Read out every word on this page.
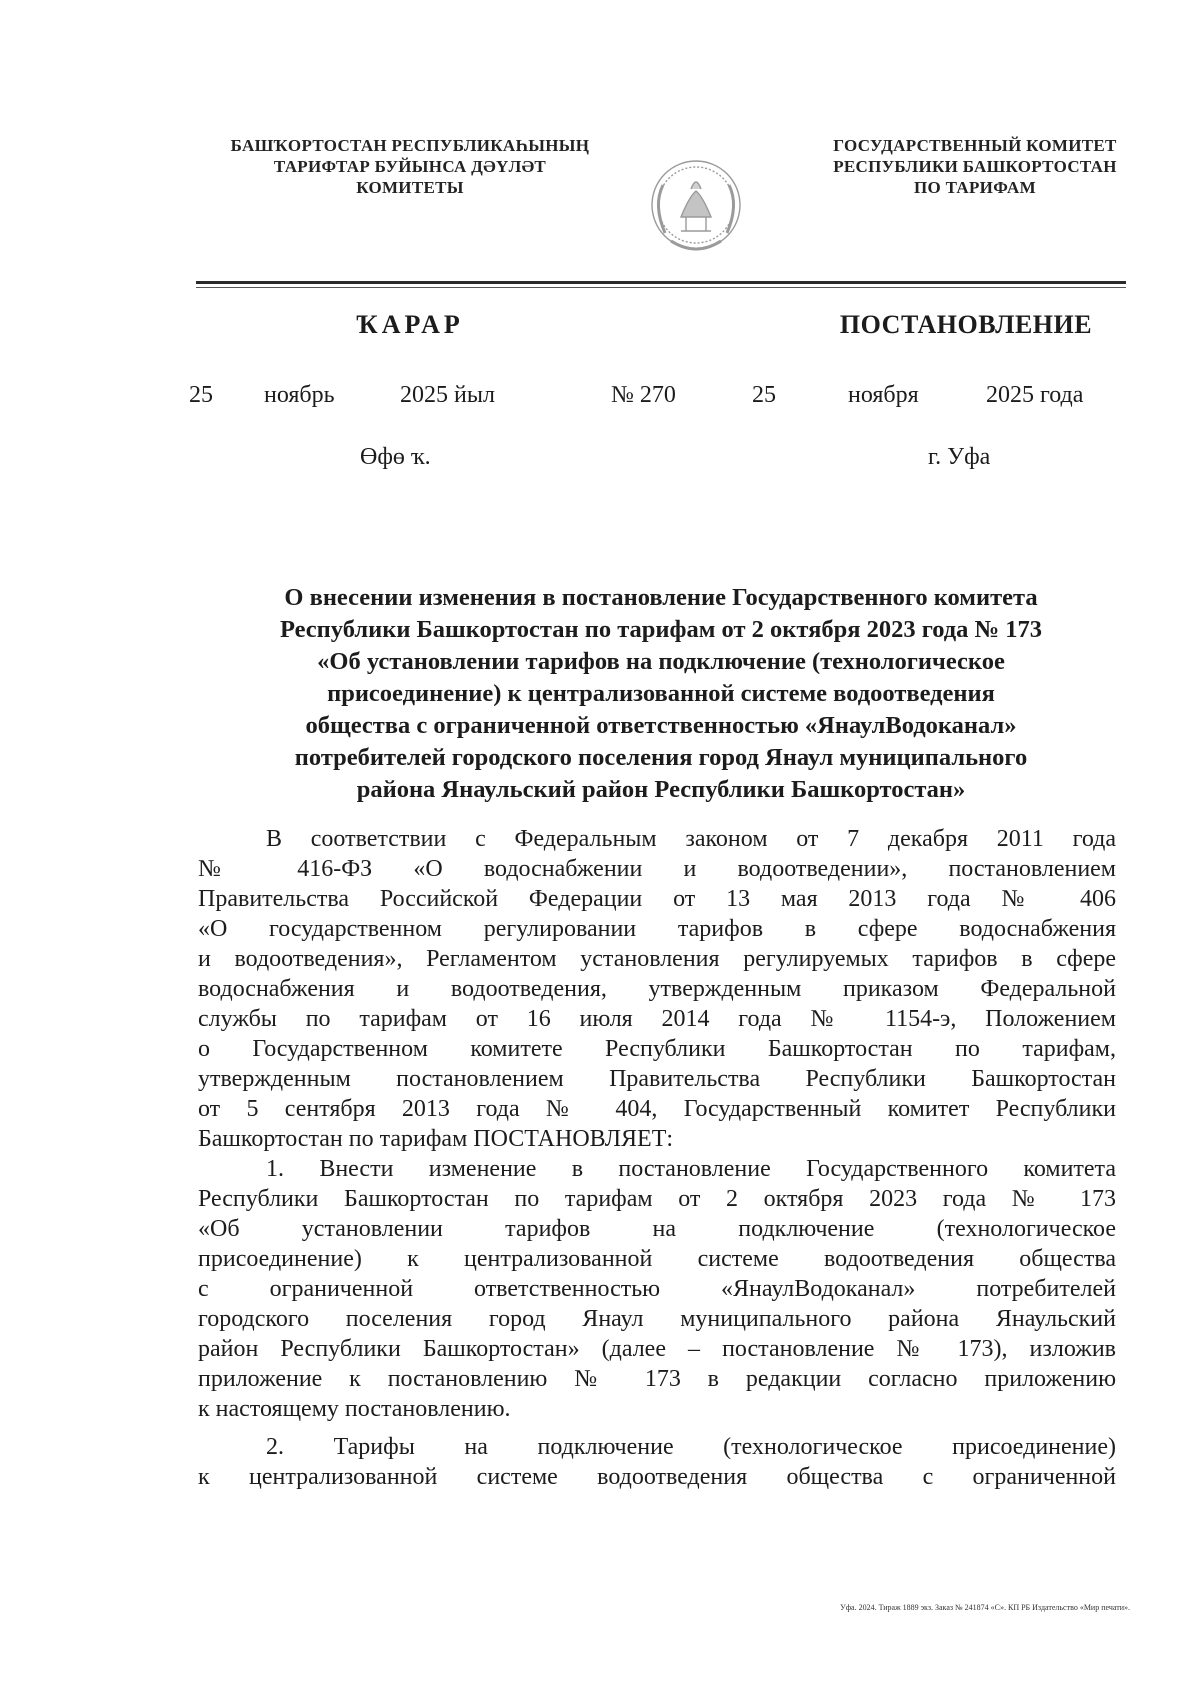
БАШҠОРТОСТАН РЕСПУБЛИКАҺЫНЫҢ
ТАРИФТАР БУЙЫНСА ДӘҮЛӘТ
КОМИТЕТЫ
ГОСУДАРСТВЕННЫЙ КОМИТЕТ
РЕСПУБЛИКИ БАШКОРТОСТАН
ПО ТАРИФАМ
ҠАРАР	ПОСТАНОВЛЕНИЕ
25 ноябрь	2025 йыл	№ 270	25	ноября	2025 года
Өфө ҡ.	г. Уфа
О внесении изменения в постановление Государственного комитета
Республики Башкортостан по тарифам от 2 октября 2023 года № 173
«Об установлении тарифов на подключение (технологическое
присоединение) к централизованной системе водоотведения
общества с ограниченной ответственностью «ЯнаулВодоканал»
потребителей городского поселения город Янаул муниципального
района Янаульский район Республики Башкортостан»

В соответствии с Федеральным законом от 7 декабря 2011 года
№ 416-ФЗ «О водоснабжении и водоотведении», постановлением
Правительства Российской Федерации от 13 мая 2013 года № 406
«О государственном регулировании тарифов в сфере водоснабжения
и водоотведения», Регламентом установления регулируемых тарифов в сфере
водоснабжения и водоотведения, утвержденным приказом Федеральной
службы по тарифам от 16 июля 2014 года № 1154-э, Положением
о Государственном комитете Республики Башкортостан по тарифам,
утвержденным постановлением Правительства Республики Башкортостан
от 5 сентября 2013 года № 404, Государственный комитет Республики
Башкортостан по тарифам ПОСТАНОВЛЯЕТ:

1. Внести изменение в постановление Государственного комитета
Республики Башкортостан по тарифам от 2 октября 2023 года № 173
«Об установлении тарифов на подключение (технологическое
присоединение) к централизованной системе водоотведения общества
с ограниченной ответственностью «ЯнаулВодоканал» потребителей
городского поселения город Янаул муниципального района Янаульский
район Республики Башкортостан» (далее – постановление № 173), изложив
приложение к постановлению № 173 в редакции согласно приложению
к настоящему постановлению.

2. Тарифы на подключение (технологическое присоединение)
к централизованной системе водоотведения общества с ограниченной

Уфа. 2024. Тираж 1889 экз. Заказ № 241874 «С». КП РБ Издательство «Мир печати».
